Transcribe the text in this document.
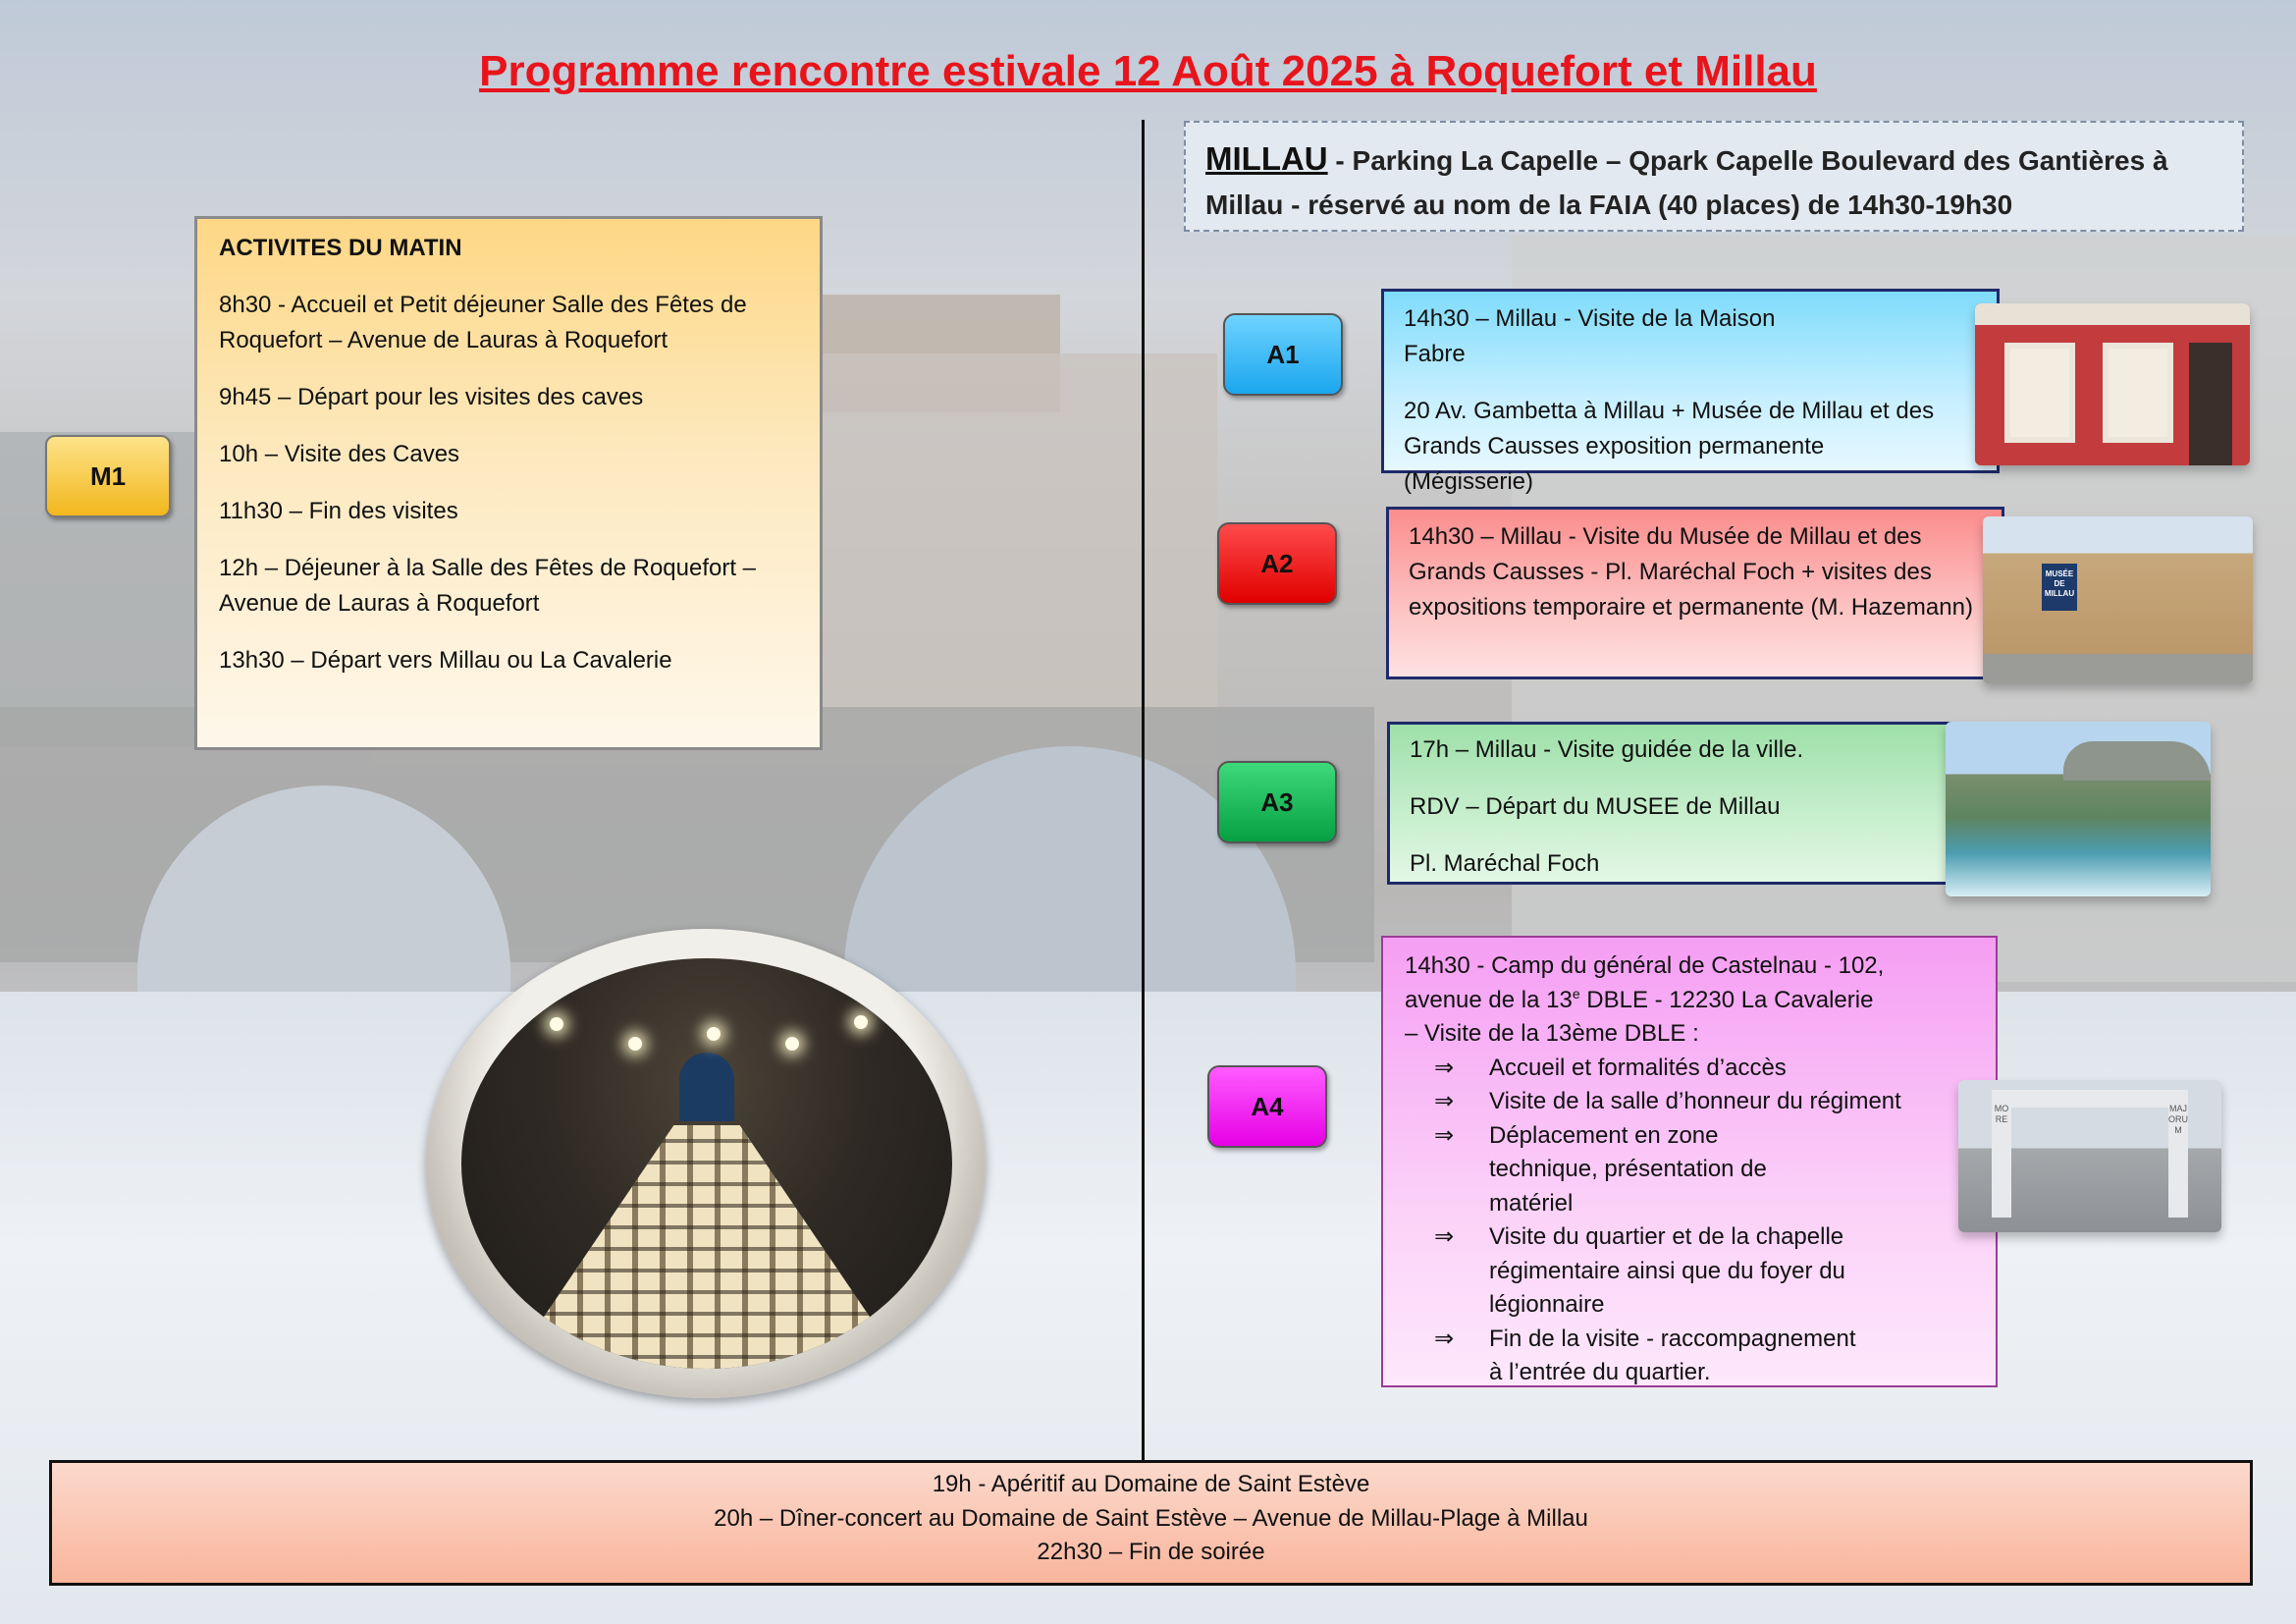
Programme rencontre estivale 12 Août 2025 à Roquefort et Millau
M1
ACTIVITES DU MATIN
8h30 - Accueil et Petit déjeuner Salle des Fêtes de Roquefort – Avenue de Lauras à Roquefort
9h45 – Départ pour les visites des caves
10h – Visite des Caves
11h30 – Fin des visites
12h – Déjeuner à la Salle des Fêtes de Roquefort – Avenue de Lauras à Roquefort
13h30 – Départ vers Millau ou La Cavalerie
MILLAU - Parking La Capelle – Qpark Capelle Boulevard des Gantières à
Millau - réservé au nom de la FAIA (40 places) de 14h30-19h30
A1
14h30 – Millau - Visite de la Maison Fabre
20 Av. Gambetta à Millau + Musée de Millau et des Grands Causses exposition permanente (Mégisserie)
A2
14h30 – Millau - Visite du Musée de Millau et des Grands Causses - Pl. Maréchal Foch + visites des expositions temporaire et permanente (M. Hazemann)
MUSÉE DE MILLAU
A3
17h – Millau - Visite guidée de la ville.
RDV – Départ du MUSEE de Millau
Pl. Maréchal Foch
A4
14h30 - Camp du général de Castelnau - 102,
avenue de la 13e DBLE - 12230 La Cavalerie
– Visite de la 13ème DBLE :
⇒	Accueil et formalités d’accès
⇒	Visite de la salle d’honneur du régiment
⇒	Déplacement en zone technique, présentation de matériel
⇒	Visite du quartier et de la chapelle régimentaire ainsi que du foyer du légionnaire
⇒	Fin de la visite - raccompagnement à l’entrée du quartier.
MORE
MAJORUM
19h - Apéritif au Domaine de Saint Estève
20h – Dîner-concert au Domaine de Saint Estève – Avenue de Millau-Plage à Millau
22h30 – Fin de soirée
